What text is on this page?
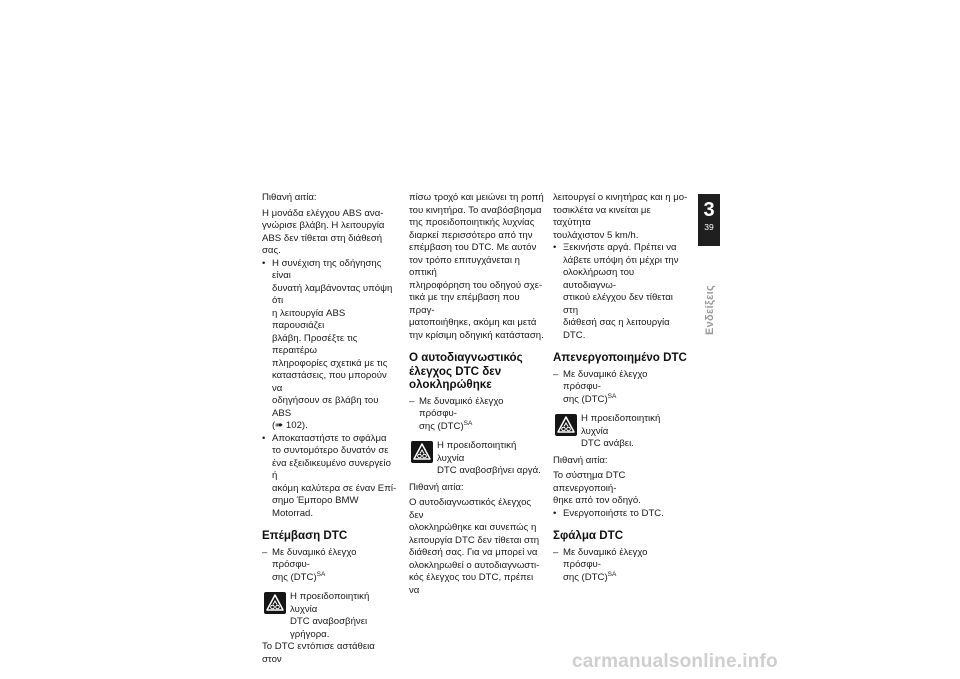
Πιθανή αιτία:
Η μονάδα ελέγχου ABS ανα-
γνώρισε βλάβη. Η λειτουργία
ABS δεν τίθεται στη διάθεσή
σας.
• Η συνέχιση της οδήγησης είναι
δυνατή λαμβάνοντας υπόψη ότι
η λειτουργία ABS παρουσιάζει
βλάβη. Προσέξτε τις περαιτέρω
πληροφορίες σχετικά με τις
καταστάσεις, που μπορούν να
οδηγήσουν σε βλάβη του ABS
(➠ 102).
• Αποκαταστήστε το σφάλμα
το συντομότερο δυνατόν σε
ένα εξειδικευμένο συνεργείο ή
ακόμη καλύτερα σε έναν Επί-
σημο Έμπορο BMW Motorrad.
Επέμβαση DTC
– Με δυναμικό έλεγχο πρόσφυ-
σης (DTC)$^{SA}$
Η προειδοποιητική λυχνία
DTC αναβοσβήνει γρήγορα.
Το DTC εντόπισε αστάθεια στον
πίσω τροχό και μειώνει τη ροπή
του κινητήρα. Το αναβόσβησμα
της προειδοποιητικής λυχνίας
διαρκεί περισσότερο από την
επέμβαση του DTC. Με αυτόν
τον τρόπο επιτυγχάνεται η οπτική
πληροφόρηση του οδηγού σχε-
τικά με την επέμβαση που πραγ-
ματοποιήθηκε, ακόμη και μετά
την κρίσιμη οδηγική κατάσταση.
Ο αυτοδιαγνωστικός
έλεγχος DTC δεν
ολοκληρώθηκε
– Με δυναμικό έλεγχο πρόσφυ-
σης (DTC)$^{SA}$
Η προειδοποιητική λυχνία
DTC αναβοσβήνει αργά.
Πιθανή αιτία:
Ο αυτοδιαγνωστικός έλεγχος δεν
ολοκληρώθηκε και συνεπώς η
λειτουργία DTC δεν τίθεται στη
διάθεσή σας. Για να μπορεί να
ολοκληρωθεί ο αυτοδιαγνωστι-
κός έλεγχος του DTC, πρέπει να
λειτουργεί ο κινητήρας και η μο-
τοσικλέτα να κινείται με ταχύτητα
τουλάχιστον 5 km/h.
• Ξεκινήστε αργά. Πρέπει να
λάβετε υπόψη ότι μέχρι την
ολοκλήρωση του αυτοδιαγνω-
στικού ελέγχου δεν τίθεται στη
διάθεσή σας η λειτουργία DTC.
Απενεργοποιημένο DTC
– Με δυναμικό έλεγχο πρόσφυ-
σης (DTC)$^{SA}$
Η προειδοποιητική λυχνία
DTC ανάβει.
Πιθανή αιτία:
Το σύστημα DTC απενεργοποιή-
θηκε από τον οδηγό.
• Ενεργοποιήστε το DTC.
Σφάλμα DTC
– Με δυναμικό έλεγχο πρόσφυ-
σης (DTC)$^{SA}$
3
39
Ενδείξεις
carmanualsonline.info
